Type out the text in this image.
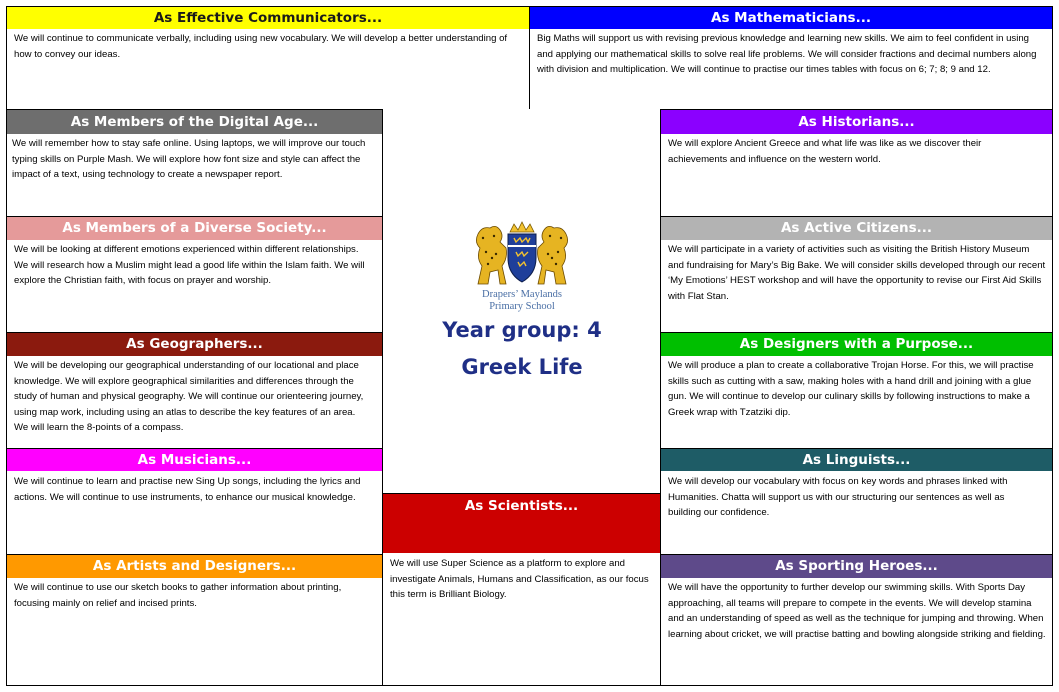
As Effective Communicators...
We will continue to communicate verbally, including using new vocabulary. We will develop a better understanding of how to convey our ideas.
As Mathematicians...
Big Maths will support us with revising previous knowledge and learning new skills. We aim to feel confident in using and applying our mathematical skills to solve real life problems. We will consider fractions and decimal numbers along with division and multiplication. We will continue to practise our times tables with focus on 6; 7; 8; 9 and 12.
As Members of the Digital Age...
We will remember how to stay safe online. Using laptops, we will improve our touch typing skills on Purple Mash. We will explore how font size and style can affect the impact of a text, using technology to create a newspaper report.
As Historians...
We will explore Ancient Greece and what life was like as we discover their achievements and influence on the western world.
As Members of a Diverse Society...
We will be looking at different emotions experienced within different relationships. We will research how a Muslim might lead a good life within the Islam faith. We will explore the Christian faith, with focus on prayer and worship.
As Active Citizens...
We will participate in a variety of activities such as visiting the British History Museum and fundraising for Mary’s Big Bake. We will consider skills developed through our recent ‘My Emotions’ HEST workshop and will have the opportunity to revise our First Aid Skills with Flat Stan.
As Geographers...
We will be developing our geographical understanding of our locational and place knowledge. We will explore geographical similarities and differences through the study of human and physical geography. We will continue our orienteering journey, using map work, including using an atlas to describe the key features of an area. We will learn the 8-points of a compass.
As Designers with a Purpose...
We will produce a plan to create a collaborative Trojan Horse. For this, we will practise skills such as cutting with a saw, making holes with a hand drill and joining with a glue gun. We will continue to develop our culinary skills by following instructions to make a Greek wrap with Tzatziki dip.
As Musicians...
We will continue to learn and practise new Sing Up songs, including the lyrics and actions. We will continue to use instruments, to enhance our musical knowledge.
As Linguists...
We will develop our vocabulary with focus on key words and phrases linked with Humanities. Chatta will support us with our structuring our sentences as well as building our confidence.
As Artists and Designers...
We will continue to use our sketch books to gather information about printing, focusing mainly on relief and incised prints.
As Sporting Heroes...
We will have the opportunity to further develop our swimming skills. With Sports Day approaching, all teams will prepare to compete in the events. We will develop stamina and an understanding of speed as well as the technique for jumping and throwing. When learning about cricket, we will practise batting and bowling alongside striking and fielding.
Drapers’ Maylands
Primary School
Year group: 4
Greek Life
As Scientists...
We will use Super Science as a platform to explore and investigate Animals, Humans and Classification, as our focus this term is Brilliant Biology.
